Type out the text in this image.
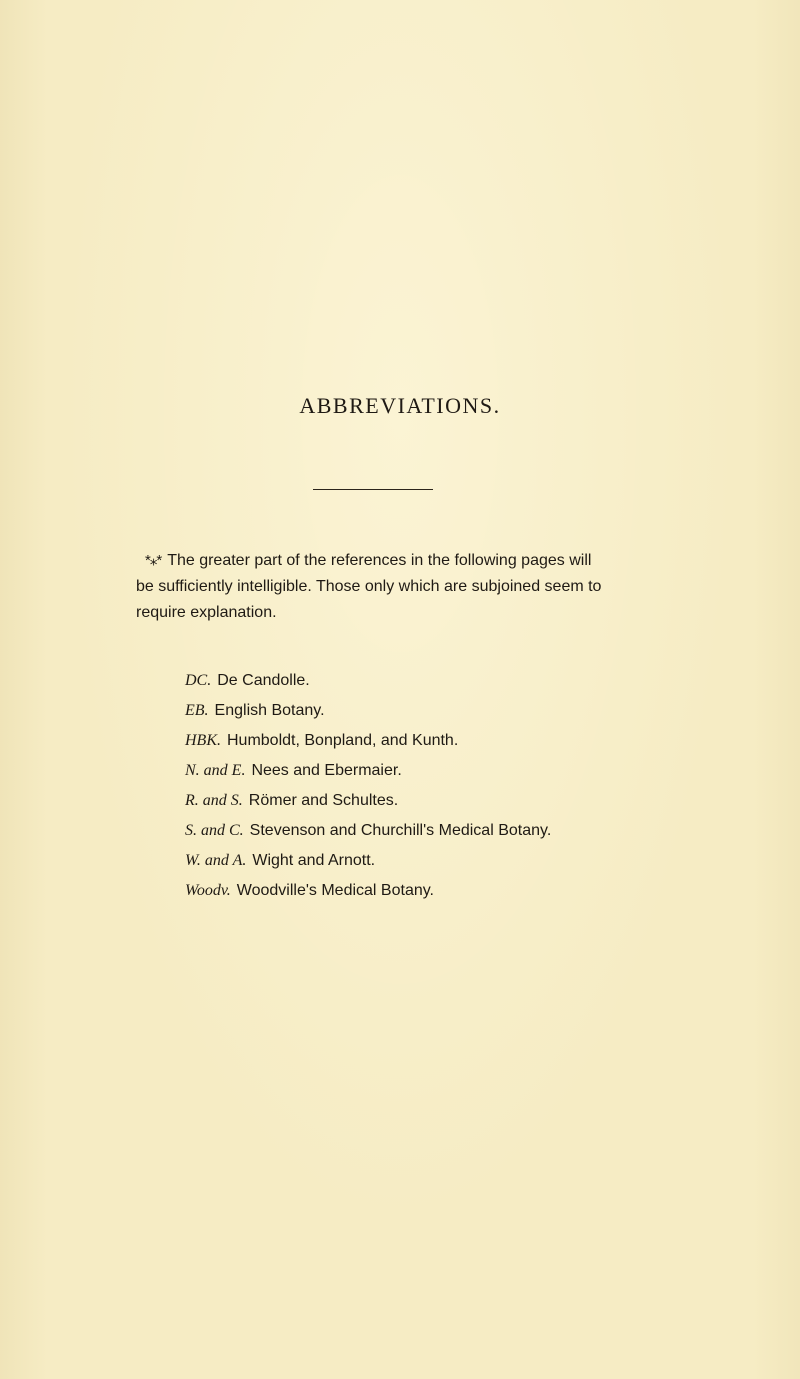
ABBREVIATIONS.
*⁎* The greater part of the references in the following pages will
be sufficiently intelligible. Those only which are subjoined seem to
require explanation.
DC. De Candolle.
EB. English Botany.
HBK. Humboldt, Bonpland, and Kunth.
N. and E. Nees and Ebermaier.
R. and S. Römer and Schultes.
S. and C. Stevenson and Churchill's Medical Botany.
W. and A. Wight and Arnott.
Woodv. Woodville's Medical Botany.
